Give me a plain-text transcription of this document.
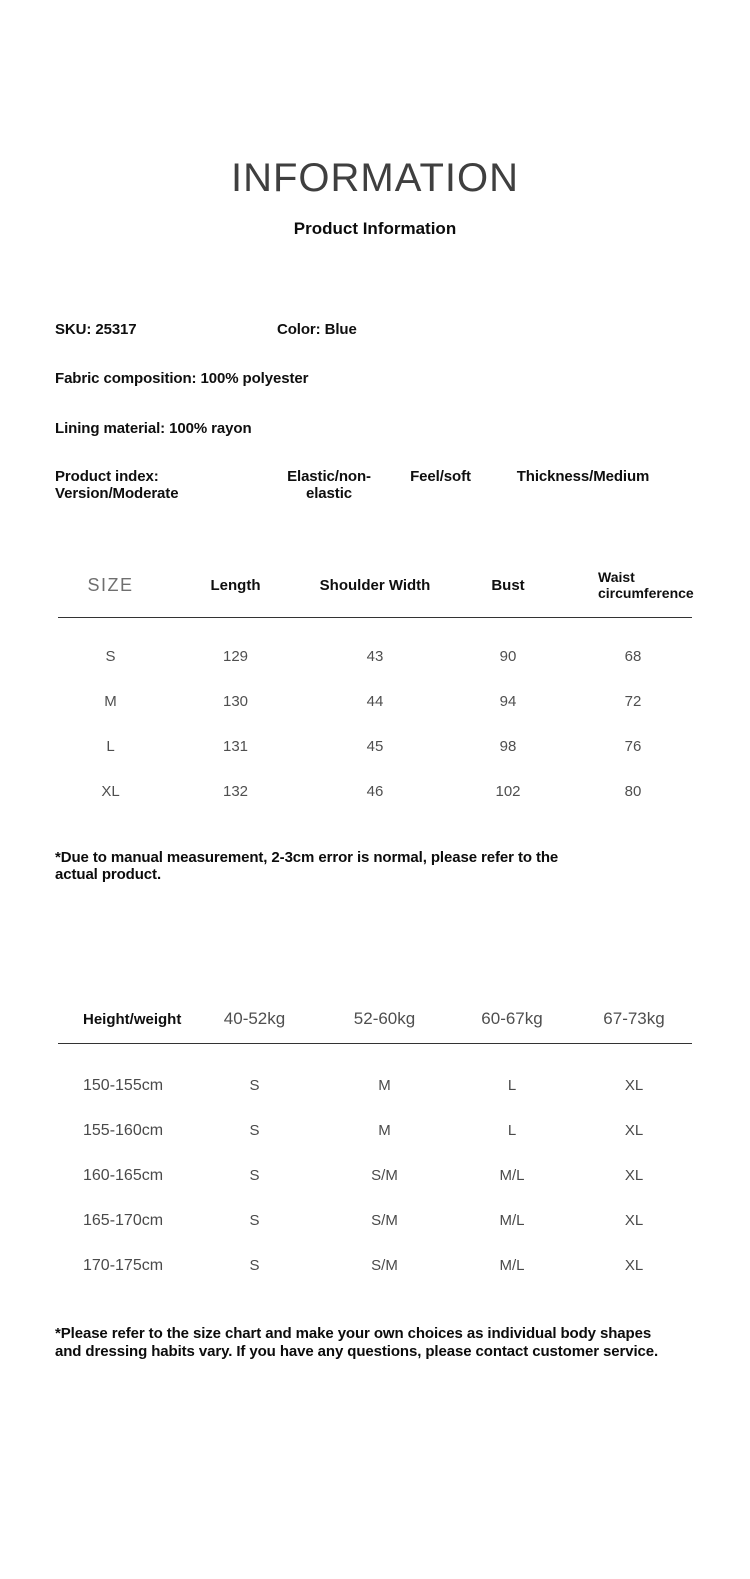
INFORMATION
Product Information
SKU: 25317	Color: Blue
Fabric composition: 100% polyester
Lining material: 100% rayon
Product index: Version/Moderate
Elastic/non-elastic
Feel/soft	Thickness/Medium
SIZE	Length	Shoulder Width	Bust	Waist circumference
S	129	43	90	68
M	130	44	94	72
L	131	45	98	76
XL	132	46	102	80
*Due to manual measurement, 2-3cm error is normal, please refer to the actual product.
Height/weight	40-52kg	52-60kg	60-67kg	67-73kg
150-155cm	S	M	L	XL
155-160cm	S	M	L	XL
160-165cm	S	S/M	M/L	XL
165-170cm	S	S/M	M/L	XL
170-175cm	S	S/M	M/L	XL
*Please refer to the size chart and make your own choices as individual body shapes and dressing habits vary. If you have any questions, please contact customer service.
